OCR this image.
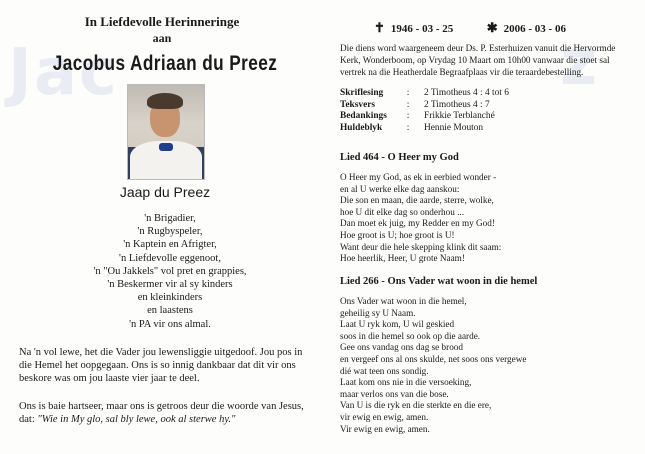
Jac	z
In Liefdevolle Herinneringe
aan
Jacobus Adriaan du Preez
Jaap du Preez
'n Brigadier,
'n Rugbyspeler,
'n Kaptein en Afrigter,
'n Liefdevolle eggenoot,
'n "Ou Jakkels" vol pret en grappies,
'n Beskermer vir al sy kinders
en kleinkinders
en laastens
'n PA vir ons almal.
Na 'n vol lewe, het die Vader jou lewensliggie uitgedoof. Jou pos in die Hemel het oopgegaan. Ons is so innig dankbaar dat dit vir ons beskore was om jou laaste vier jaar te deel.
Ons is baie hartseer, maar ons is getroos deur die woorde van Jesus, dat: "Wie in My glo, sal bly lewe, ook al sterwe hy."
✝ 1946 - 03 - 25	✱ 2006 - 03 - 06
Die diens word waargeneem deur Ds. P. Esterhuizen vanuit die Hervormde Kerk, Wonderboom, op Vrydag 10 Maart om 10h00 vanwaar die stoet sal vertrek na die Heatherdale Begraafplaas vir die teraardebestelling.
Skriflesing	:	2 Timotheus 4 : 4 tot 6
Teksvers	:	2 Timotheus 4 : 7
Bedankings	:	Frikkie Terblanché
Huldeblyk	:	Hennie Mouton
Lied 464 - O Heer my God
O Heer my God, as ek in eerbied wonder -
en al U werke elke dag aanskou:
Die son en maan, die aarde, sterre, wolke,
hoe U dit elke dag so onderhou ...
Dan moet ek juig, my Redder en my God!
Hoe groot is U; hoe groot is U!
Want deur die hele skepping klink dit saam:
Hoe heerlik, Heer, U grote Naam!
Lied 266 - Ons Vader wat woon in die hemel
Ons Vader wat woon in die hemel,
geheilig sy U Naam.
Laat U ryk kom, U wil geskied
soos in die hemel so ook op die aarde.
Gee ons vandag ons dag se brood
en vergeef ons al ons skulde, net soos ons vergewe
dié wat teen ons sondig.
Laat kom ons nie in die versoeking,
maar verlos ons van die bose.
Van U is die ryk en die sterkte en die ere,
vir ewig en ewig, amen.
Vir ewig en ewig, amen.
